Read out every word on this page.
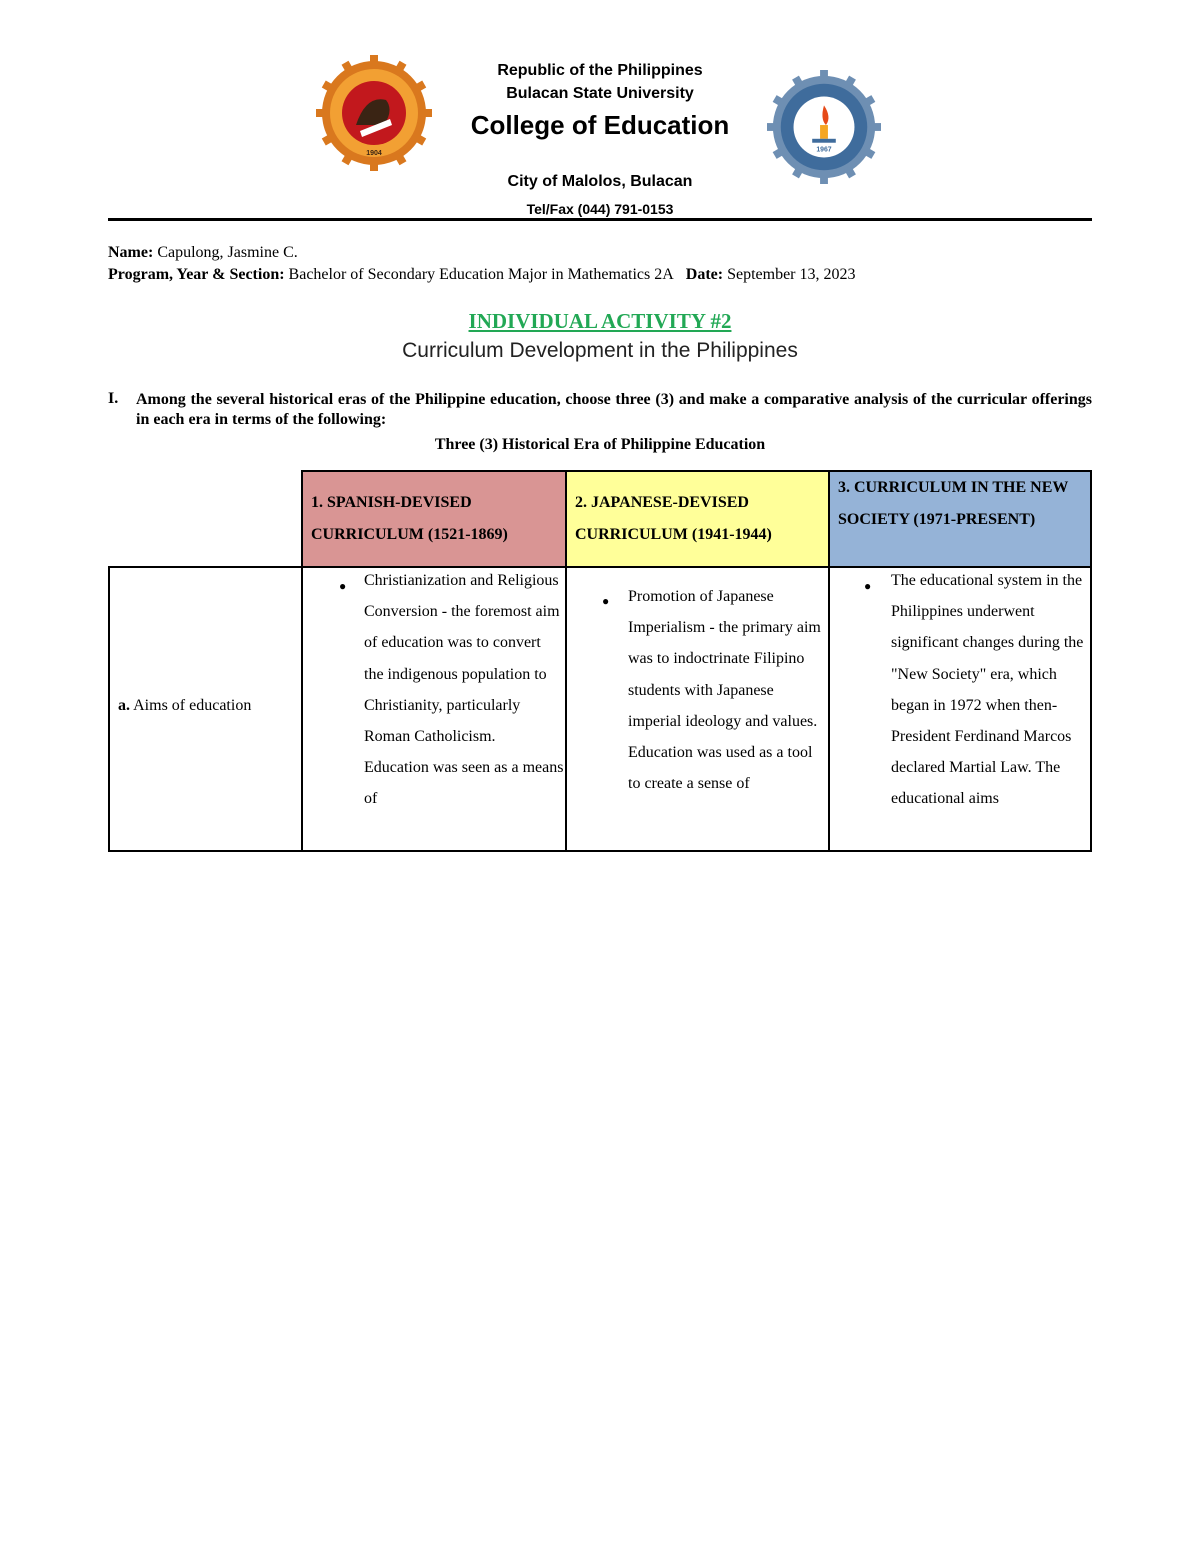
1904	1967
Republic of the Philippines
Bulacan State University
College of Education
City of Malolos, Bulacan
Tel/Fax (044) 791-0153
Name: Capulong, Jasmine C.
Program, Year & Section: Bachelor of Secondary Education Major in Mathematics 2A Date: September 13, 2023
INDIVIDUAL ACTIVITY #2
Curriculum Development in the Philippines
I. Among the several historical eras of the Philippine education, choose three (3) and make a comparative analysis of the curricular offerings in each era in terms of the following:
Three (3) Historical Era of Philippine Education
1. SPANISH-DEVISED CURRICULUM (1521-1869)
2. JAPANESE-DEVISED CURRICULUM (1941-1944)
3. CURRICULUM IN THE NEW SOCIETY (1971-PRESENT)
a. Aims of education
● Christianization and Religious Conversion - the foremost aim of education was to convert the indigenous population to Christianity, particularly Roman Catholicism. Education was seen as a means of
● Promotion of Japanese Imperialism - the primary aim was to indoctrinate Filipino students with Japanese imperial ideology and values. Education was used as a tool to create a sense of
● The educational system in the Philippines underwent significant changes during the "New Society" era, which began in 1972 when then-President Ferdinand Marcos declared Martial Law. The educational aims
